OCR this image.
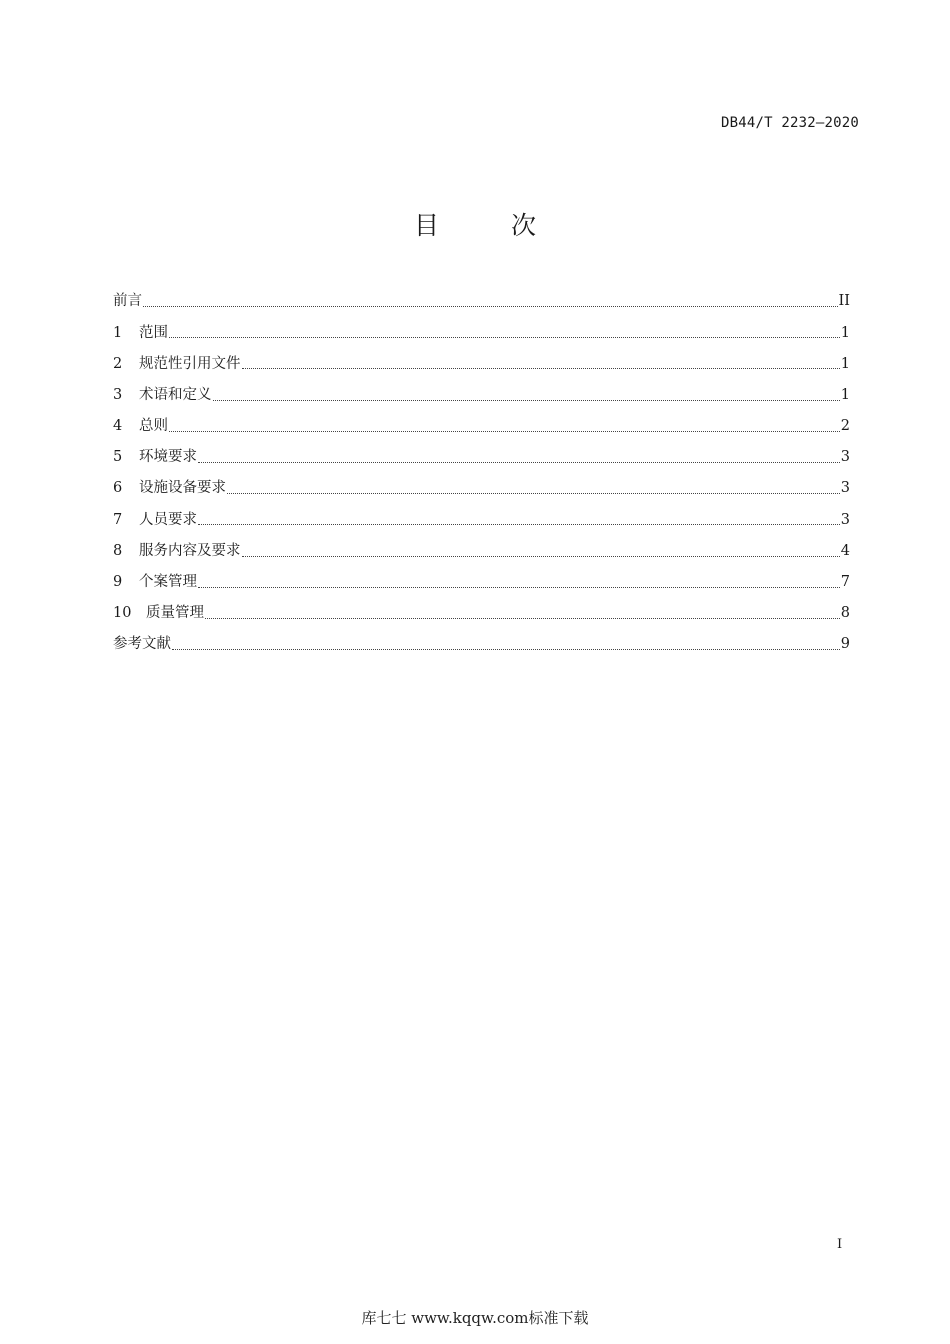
DB44/T 2232—2020
目	次
前言	II
1	范围	1
2	规范性引用文件	1
3	术语和定义	1
4	总则	2
5	环境要求	3
6	设施设备要求	3
7	人员要求	3
8	服务内容及要求	4
9	个案管理	7
10	质量管理	8
参考文献	9
I
库七七 www.kqqw.com标准下载
